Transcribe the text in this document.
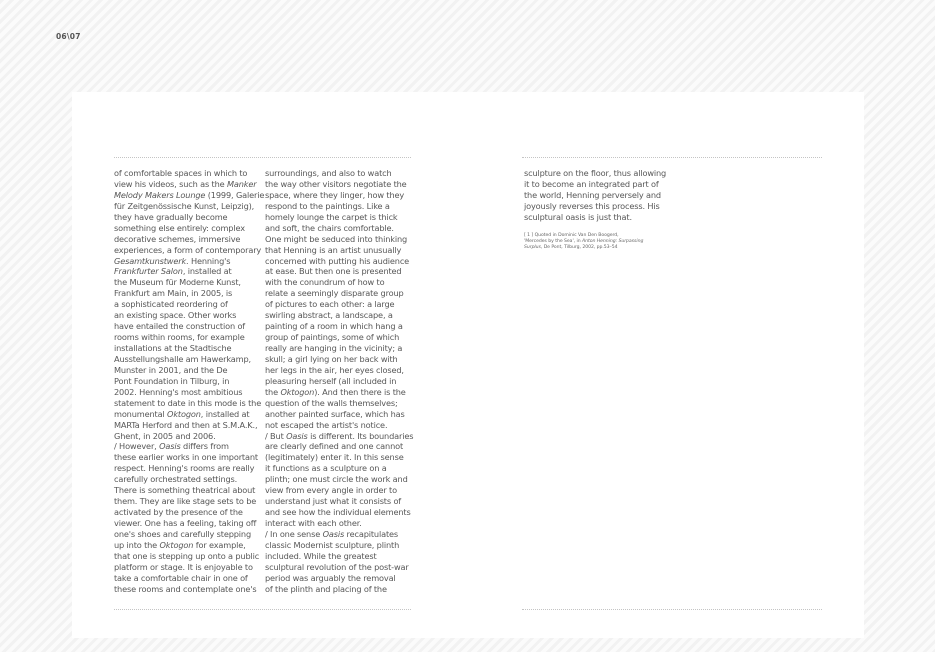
06\07
of comfortable spaces in which to
view his videos, such as the Manker
Melody Makers Lounge (1999, Galerie
für Zeitgenössische Kunst, Leipzig),
they have gradually become
something else entirely: complex
decorative schemes, immersive
experiences, a form of contemporary
Gesamtkunstwerk. Henning's
Frankfurter Salon, installed at
the Museum für Moderne Kunst,
Frankfurt am Main, in 2005, is
a sophisticated reordering of
an existing space. Other works
have entailed the construction of
rooms within rooms, for example
installations at the Stadtische
Ausstellungshalle am Hawerkamp,
Munster in 2001, and the De
Pont Foundation in Tilburg, in
2002. Henning's most ambitious
statement to date in this mode is the
monumental Oktogon, installed at
MARTa Herford and then at S.M.A.K.,
Ghent, in 2005 and 2006.
/ However, Oasis differs from
these earlier works in one important
respect. Henning's rooms are really
carefully orchestrated settings.
There is something theatrical about
them. They are like stage sets to be
activated by the presence of the
viewer. One has a feeling, taking off
one's shoes and carefully stepping
up into the Oktogon for example,
that one is stepping up onto a public
platform or stage. It is enjoyable to
take a comfortable chair in one of
these rooms and contemplate one's
surroundings, and also to watch
the way other visitors negotiate the
space, where they linger, how they
respond to the paintings. Like a
homely lounge the carpet is thick
and soft, the chairs comfortable.
One might be seduced into thinking
that Henning is an artist unusually
concerned with putting his audience
at ease. But then one is presented
with the conundrum of how to
relate a seemingly disparate group
of pictures to each other: a large
swirling abstract, a landscape, a
painting of a room in which hang a
group of paintings, some of which
really are hanging in the vicinity; a
skull; a girl lying on her back with
her legs in the air, her eyes closed,
pleasuring herself (all included in
the Oktogon). And then there is the
question of the walls themselves;
another painted surface, which has
not escaped the artist's notice.
/ But Oasis is different. Its boundaries
are clearly defined and one cannot
(legitimately) enter it. In this sense
it functions as a sculpture on a
plinth; one must circle the work and
view from every angle in order to
understand just what it consists of
and see how the individual elements
interact with each other.
/ In one sense Oasis recapitulates
classic Modernist sculpture, plinth
included. While the greatest
sculptural revolution of the post-war
period was arguably the removal
of the plinth and placing of the
sculpture on the floor, thus allowing
it to become an integrated part of
the world, Henning perversely and
joyously reverses this process. His
sculptural oasis is just that.
[ 1 ] Quoted in Dominic Van Den Boogerd,
'Mercedes by the Sea', in Anton Henning: Surpassing
Surplus, De Pont, Tilburg, 2002, pp.53–54
